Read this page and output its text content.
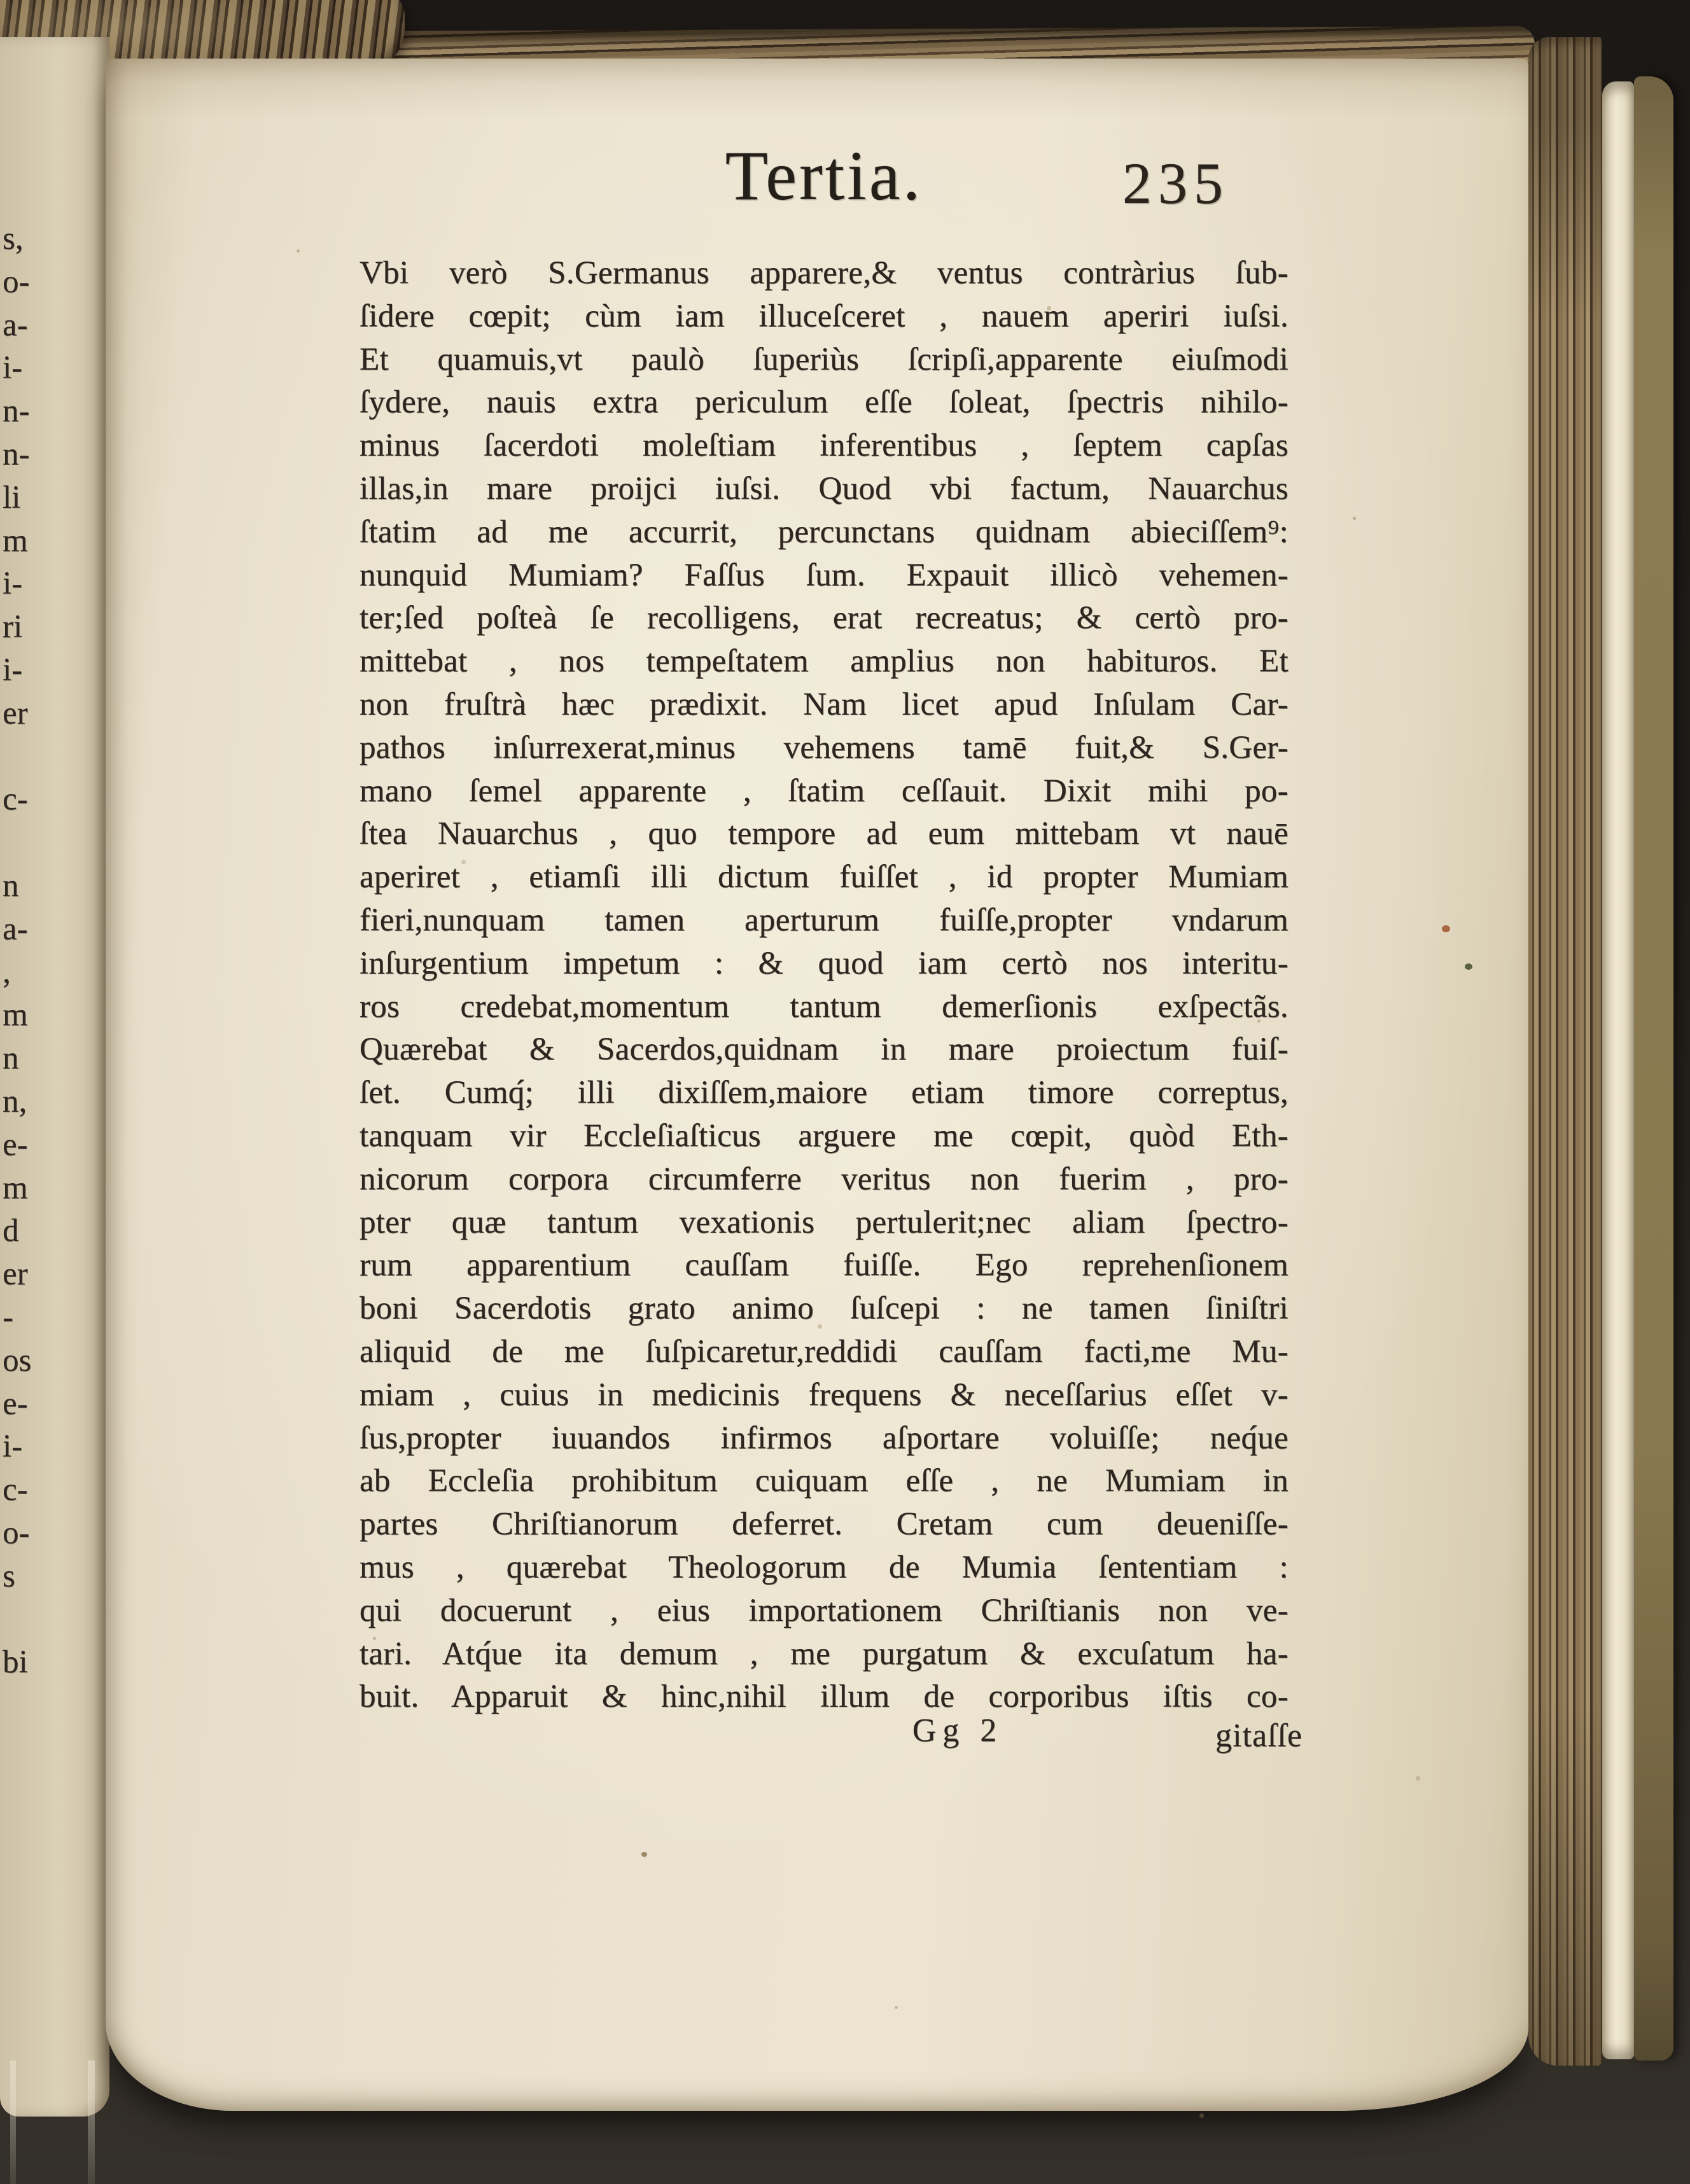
s,
o-
a-
i-
n-
n-
li
m
i-
ri
i-
er
c-
n
a-
,
m
n
n,
e-
m
d
er
-
os
e-
i-
c-
o-
s
bi
Tertia.	235
Vbi verò S.Germanus apparere,& ventus contràrius ſub-
ſidere cœpit; cùm iam illuceſceret , nauem aperiri iuſsi.
Et quamuis,vt paulò ſuperiùs ſcripſi,apparente eiuſmodi
ſydere, nauis extra periculum eſſe ſoleat, ſpectris nihilo-
minus ſacerdoti moleſtiam inferentibus , ſeptem capſas
illas,in mare proijci iuſsi. Quod vbi factum, Nauarchus
ſtatim ad me accurrit, percunctans quidnam abieciſſem⁹:
nunquid Mumiam? Faſſus ſum. Expauit illicò vehemen-
ter;ſed poſteà ſe recolligens, erat recreatus; & certò pro-
mittebat , nos tempeſtatem amplius non habituros. Et
non fruſtrà hæc prædixit. Nam licet apud Inſulam Car-
pathos inſurrexerat,minus vehemens tamē fuit,& S.Ger-
mano ſemel apparente , ſtatim ceſſauit. Dixit mihi po-
ſtea Nauarchus , quo tempore ad eum mittebam vt nauē
aperiret , etiamſi illi dictum fuiſſet , id propter Mumiam
fieri,nunquam tamen aperturum fuiſſe,propter vndarum
inſurgentium impetum : & quod iam certò nos interitu-
ros credebat,momentum tantum demerſionis exſpectãs.
Quærebat & Sacerdos,quidnam in mare proiectum fuiſ-
ſet. Cumq́; illi dixiſſem,maiore etiam timore correptus,
tanquam vir Eccleſiaſticus arguere me cœpit, quòd Eth-
nicorum corpora circumferre veritus non fuerim , pro-
pter quæ tantum vexationis pertulerit;nec aliam ſpectro-
rum apparentium cauſſam fuiſſe. Ego reprehenſionem
boni Sacerdotis grato animo ſuſcepi : ne tamen ſiniſtri
aliquid de me ſuſpicaretur,reddidi cauſſam facti,me Mu-
miam , cuius in medicinis frequens & neceſſarius eſſet v-
ſus,propter iuuandos infirmos aſportare voluiſſe; neq́ue
ab Eccleſia prohibitum cuiquam eſſe , ne Mumiam in
partes Chriſtianorum deferret. Cretam cum deueniſſe-
mus , quærebat Theologorum de Mumia ſententiam :
qui docuerunt , eius importationem Chriſtianis non ve-
tari. Atq́ue ita demum , me purgatum & excuſatum ha-
buit. Apparuit & hinc,nihil illum de corporibus iſtis co-
Gg 2	gitaſſe
